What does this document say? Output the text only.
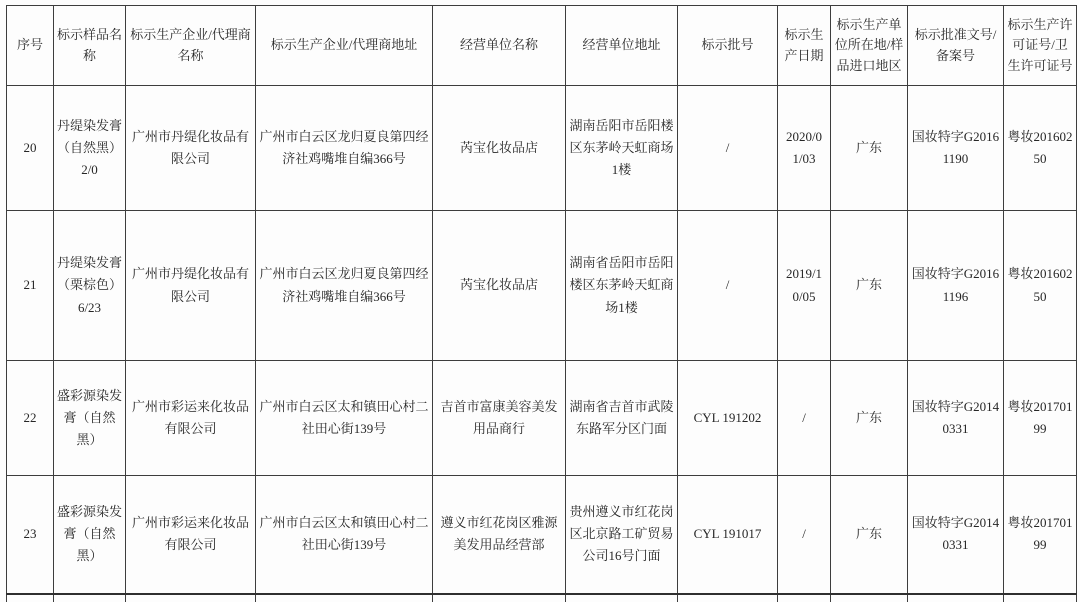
序号	标示样品名称	标示生产企业/代理商名称	标示生产企业/代理商地址	经营单位名称	经营单位地址	标示批号	标示生产日期	标示生产单位所在地/样品进口地区	标示批准文号/备案号	标示生产许可证号/卫生许可证号
20	丹缇染发膏（自然黑）2/0	广州市丹缇化妆品有限公司	广州市白云区龙归夏良第四经济社鸡嘴堆自编366号	芮宝化妆品店	湖南岳阳市岳阳楼区东茅岭天虹商场1楼	/	2020/01/03	广东	国妆特字G20161190	粤妆20160250
21	丹缇染发膏（栗棕色）6/23	广州市丹缇化妆品有限公司	广州市白云区龙归夏良第四经济社鸡嘴堆自编366号	芮宝化妆品店	湖南省岳阳市岳阳楼区东茅岭天虹商场1楼	/	2019/10/05	广东	国妆特字G20161196	粤妆20160250
22	盛彩源染发膏（自然黑）	广州市彩运来化妆品有限公司	广州市白云区太和镇田心村二社田心街139号	吉首市富康美容美发用品商行	湖南省吉首市武陵东路军分区门面	CYL 191202	/	广东	国妆特字G20140331	粤妆20170199
23	盛彩源染发膏（自然黑）	广州市彩运来化妆品有限公司	广州市白云区太和镇田心村二社田心街139号	遵义市红花岗区雅源美发用品经营部	贵州遵义市红花岗区北京路工矿贸易公司16号门面	CYL 191017	/	广东	国妆特字G20140331	粤妆20170199
